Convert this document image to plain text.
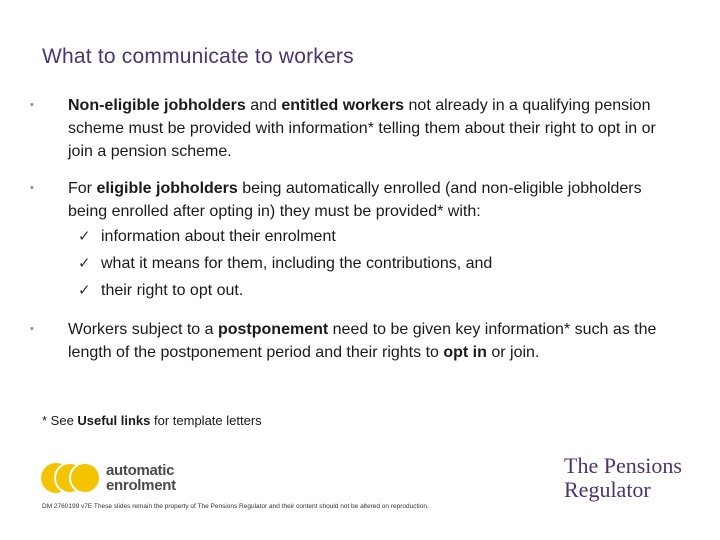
What to communicate to workers
• Non-eligible jobholders and entitled workers not already in a qualifying pension scheme must be provided with information* telling them about their right to opt in or join a pension scheme.
• For eligible jobholders being automatically enrolled (and non-eligible jobholders being enrolled after opting in) they must be provided* with:
✓ information about their enrolment
✓ what it means for them, including the contributions, and
✓ their right to opt out.
• Workers subject to a postponement need to be given key information* such as the length of the postponement period and their rights to opt in or join.
* See Useful links for template letters
automatic
enrolment
The Pensions
Regulator
DM 2760199 v7E These slides remain the property of The Pensions Regulator and their content should not be altered on reproduction.
